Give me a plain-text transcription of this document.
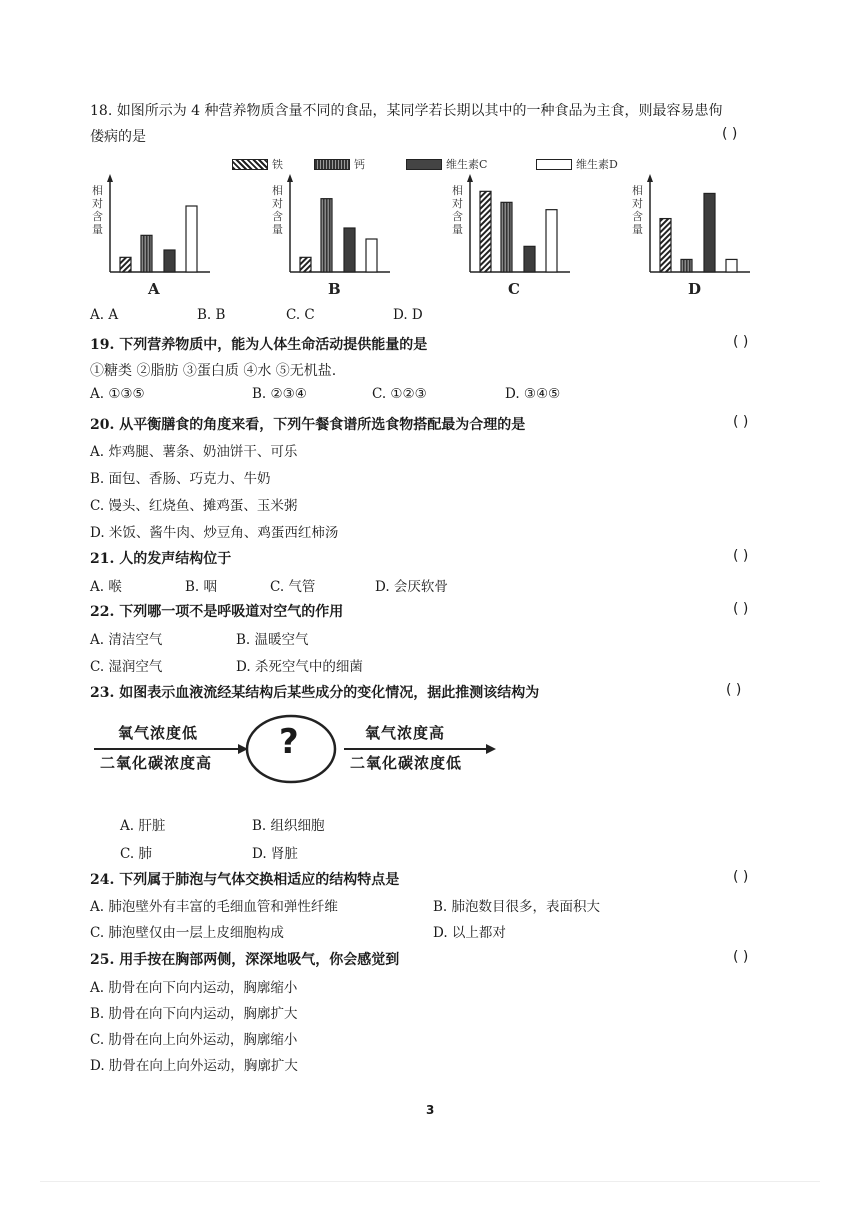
18. 如图所示为 4 种营养物质含量不同的食品，某同学若长期以其中的一种食品为主食，则最容易患佝
偻病的是	( )
铁	钙	维生素C	维生素D
相
对
含
量
A
相
对
含
量
B
相
对
含
量
C
相
对
含
量
D
A. A	B. B	C. C	D. D
19. 下列营养物质中，能为人体生命活动提供能量的是	( )
①糖类 ②脂肪 ③蛋白质 ④水 ⑤无机盐.
A. ①③⑤	B. ②③④	C. ①②③	D. ③④⑤
20. 从平衡膳食的角度来看，下列午餐食谱所选食物搭配最为合理的是	( )
A. 炸鸡腿、薯条、奶油饼干、可乐
B. 面包、香肠、巧克力、牛奶
C. 馒头、红烧鱼、摊鸡蛋、玉米粥
D. 米饭、酱牛肉、炒豆角、鸡蛋西红柿汤
21. 人的发声结构位于	( )
A. 喉	B. 咽	C. 气管	D. 会厌软骨
22. 下列哪一项不是呼吸道对空气的作用	( )
A. 清洁空气	B. 温暖空气
C. 湿润空气	D. 杀死空气中的细菌
23. 如图表示血液流经某结构后某些成分的变化情况，据此推测该结构为	( )
氧气浓度低
二氧化碳浓度高
?	氧气浓度高
二氧化碳浓度低
A. 肝脏	B. 组织细胞
C. 肺	D. 肾脏
24. 下列属于肺泡与气体交换相适应的结构特点是	( )
A. 肺泡壁外有丰富的毛细血管和弹性纤维	B. 肺泡数目很多，表面积大
C. 肺泡壁仅由一层上皮细胞构成	D. 以上都对
25. 用手按在胸部两侧，深深地吸气，你会感觉到	( )
A. 肋骨在向下向内运动，胸廓缩小
B. 肋骨在向下向内运动，胸廓扩大
C. 肋骨在向上向外运动，胸廓缩小
D. 肋骨在向上向外运动，胸廓扩大
3
